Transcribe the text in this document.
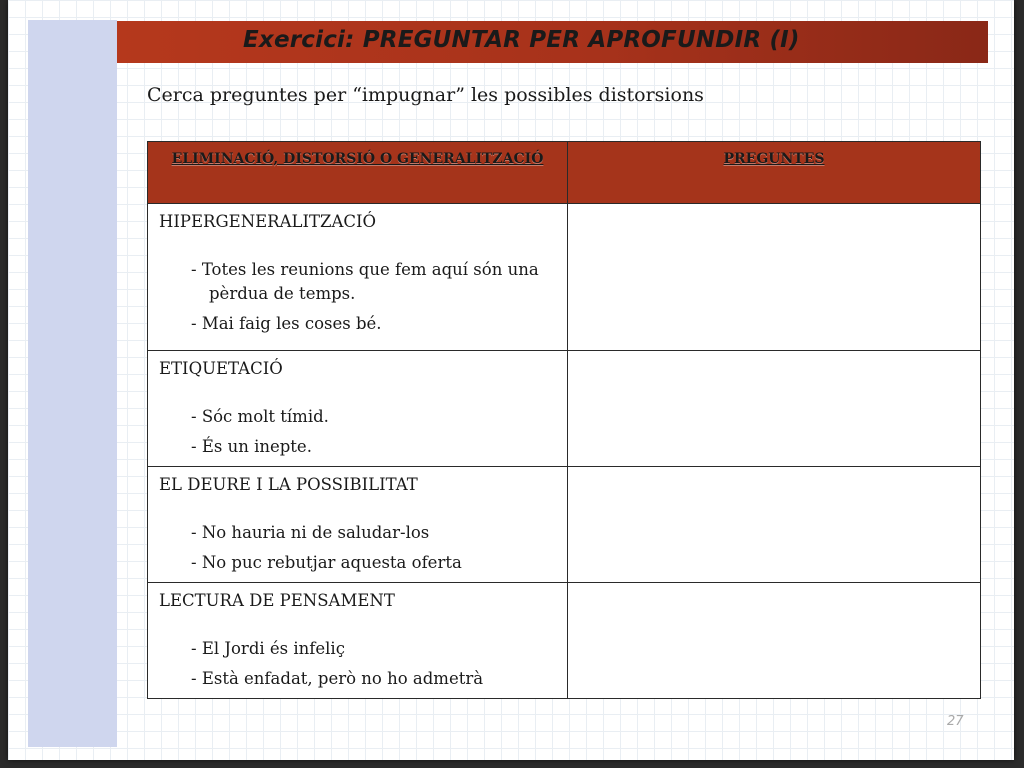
Exercici: PREGUNTAR PER APROFUNDIR (I)
Cerca preguntes per “impugnar” les possibles distorsions
ELIMINACIÓ, DISTORSIÓ O GENERALITZACIÓ	PREGUNTES

HIPERGENERALITZACIÓ
- Totes les reunions que fem aquí són una pèrdua de temps.
- Mai faig les coses bé.	

ETIQUETACIÓ
- Sóc molt tímid.
- És un inepte.	

EL DEURE I LA POSSIBILITAT
- No hauria ni de saludar-los
- No puc rebutjar aquesta oferta	

LECTURA DE PENSAMENT
- El Jordi és infeliç
- Està enfadat, però no ho admetrà	

27
